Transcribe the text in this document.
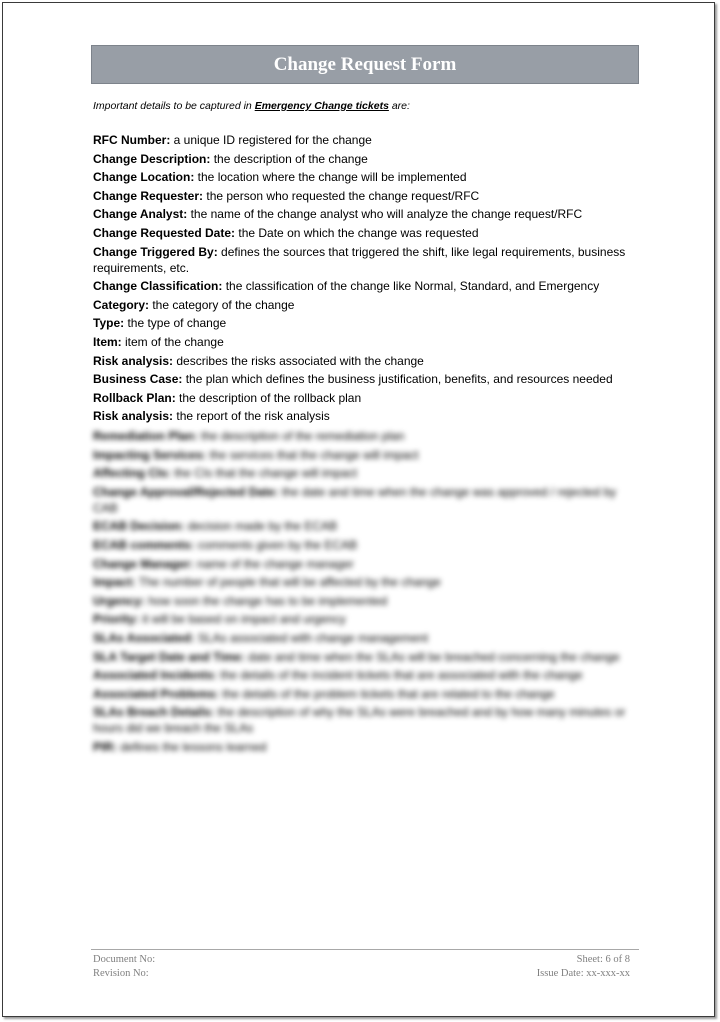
Change Request Form
Important details to be captured in Emergency Change tickets are:
RFC Number: a unique ID registered for the change
Change Description: the description of the change
Change Location: the location where the change will be implemented
Change Requester: the person who requested the change request/RFC
Change Analyst: the name of the change analyst who will analyze the change request/RFC
Change Requested Date: the Date on which the change was requested
Change Triggered By: defines the sources that triggered the shift, like legal requirements, business requirements, etc.
Change Classification: the classification of the change like Normal, Standard, and Emergency
Category: the category of the change
Type: the type of change
Item: item of the change
Risk analysis: describes the risks associated with the change
Business Case: the plan which defines the business justification, benefits, and resources needed
Rollback Plan: the description of the rollback plan
Risk analysis: the report of the risk analysis
Remediation Plan: the description of the remediation plan
Impacting Services: the services that the change will impact
Affecting CIs: the CIs that the change will impact
Change Approval/Rejected Date: the date and time when the change was approved / rejected by CAB
ECAB Decision: decision made by the ECAB
ECAB comments: comments given by the ECAB
Change Manager: name of the change manager
Impact: The number of people that will be affected by the change
Urgency: how soon the change has to be implemented
Priority: it will be based on impact and urgency
SLAs Associated: SLAs associated with change management
SLA Target Date and Time: date and time when the SLAs will be breached concerning the change
Associated Incidents: the details of the incident tickets that are associated with the change
Associated Problems: the details of the problem tickets that are related to the change
SLAs Breach Details: the description of why the SLAs were breached and by how many minutes or hours did we breach the SLAs
PIR: defines the lessons learned
Document No:
Revision No:
Sheet: 6 of 8
Issue Date: xx-xxx-xx
